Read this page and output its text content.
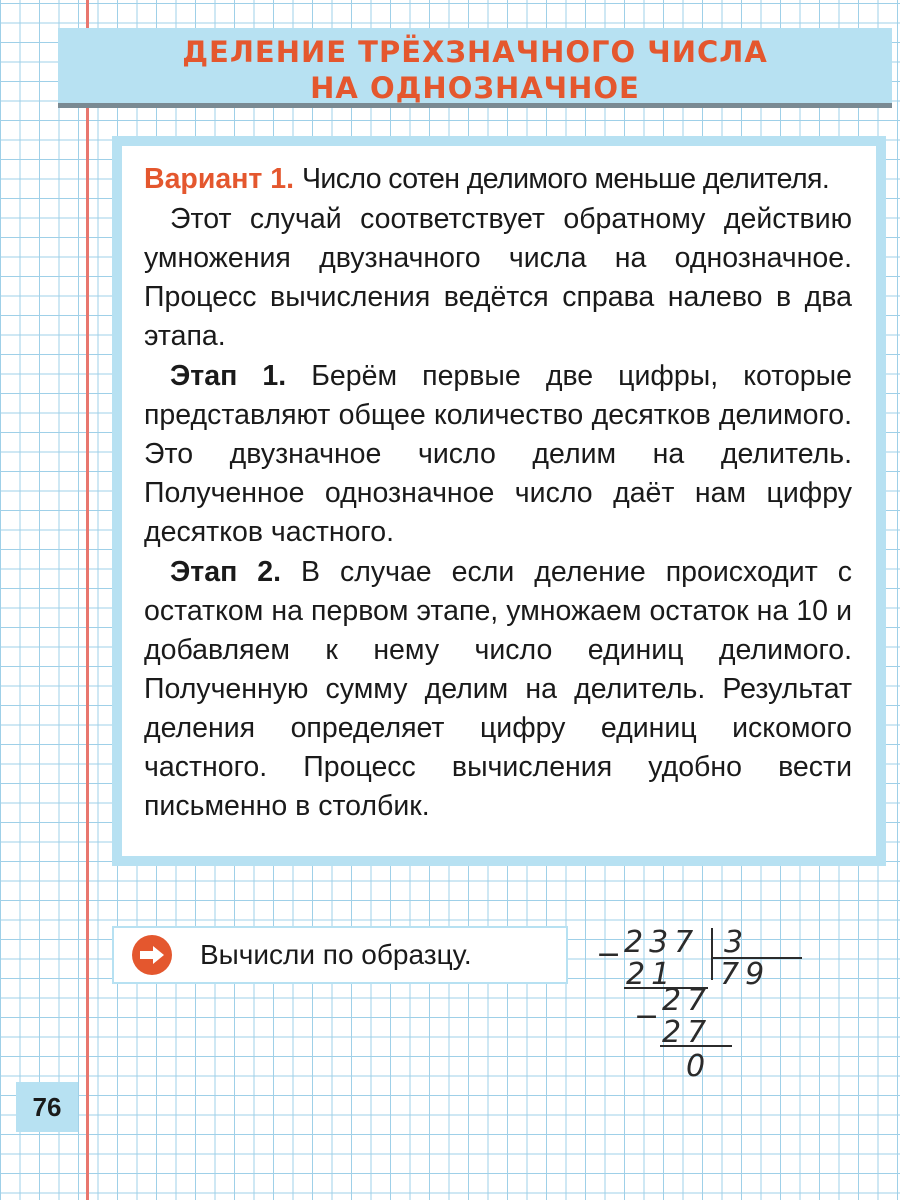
ДЕЛЕНИЕ ТРЁХЗНАЧНОГО ЧИСЛА
НА ОДНОЗНАЧНОЕ

Вариант 1. Число сотен делимого меньше делителя.

Этот случай соответствует обратному действию умножения двузначного числа на однозначное. Процесс вычисления ведётся справа налево в два этапа.

Этап 1. Берём первые две цифры, которые представляют общее количество десятков делимого. Это двузначное число делим на делитель. Полученное однозначное число даёт нам цифру десятков частного.

Этап 2. В случае если деление происходит с остатком на первом этапе, умножаем остаток на 10 и добавляем к нему число единиц делимого. Полученную сумму делим на делитель. Результат деления определяет цифру единиц искомого частного. Процесс вычисления удобно вести письменно в столбик.

Вычисли по образцу.	− 237 3
21 79
− 27
27
0
76
